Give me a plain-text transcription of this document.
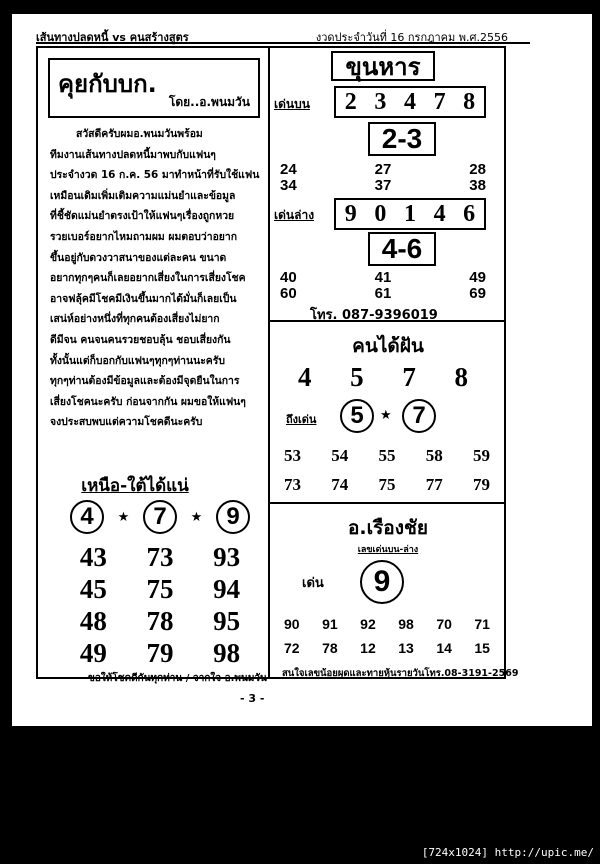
เส้นทางปลดหนี้ vs คนสร้างสูตร	งวดประจำวันที่ 16 กรกฎาคม พ.ศ.2556
คุยกับบก.
โดย..อ.พนมวัน
สวัสดีครับผมอ.พนมวันพร้อม
ทีมงานเส้นทางปลดหนี้มาพบกับแฟนๆ
ประจำงวด 16 ก.ค. 56 มาทำหน้าที่รับใช้แฟน
เหมือนเดิมเพิ่มเติมความแม่นยำและข้อมูล
ที่ชี้ชัดแม่นยำตรงเป้าให้แฟนๆเรื่องถูกหวย
รวยเบอร์อยากไหมถามผม ผมตอบว่าอยาก
ขึ้นอยู่กับดวงวาสนาของแต่ละคน ขนาด
อยากทุกๆคนก็เลยอยากเสี่ยงในการเสี่ยงโชค
อาจฟลุ้คมีโชคมีเงินขึ้นมากได้มั่นก็เลยเป็น
เสน่ห์อย่างหนึ่งที่ทุกคนต้องเสี่ยงไม่ยาก
ดีมีจน คนจนคนรวยชอบลุ้น ชอบเสี่ยงกัน
ทั้งนั้นแต่ก็บอกกับแฟนๆทุกๆท่านนะครับ
ทุกๆท่านต้องมีข้อมูลและต้องมีจุดยืนในการ
เสี่ยงโชคนะครับ ก่อนจากกัน ผมขอให้แฟนๆ
จงประสบพบแต่ความโชคดีนะครับ
เหนือ-ใต้ได้แน่
4	★ 7	★ 9
43	73	93
45	75	94
48	78	95
49	79	98
ขอให้โชคดีกันทุกท่าน / จากใจ อ.พนมวัน
- 3 -
ขุนหาร
เด่นบน 2 3 4 7 8
2-3
24	27	28
34	37	38
เด่นล่าง 9 0 1 4 6
4-6
40	41	49
60	61	69
โทร. 087-9396019
คนได้ฝัน
4 5 7 8
ถึงเด่น	5	★ 7
53 54 55 58 59
73 74 75 77 79
อ.เรืองชัย
เลขเด่นบน-ล่าง
เด่น	9
90 91 92 98 70 71
72 78 12 13 14 15
สนใจเลขน้อยผุดและทายหุ้นรายวันโทร.08-3191-2569
[724x1024] http://upic.me/
